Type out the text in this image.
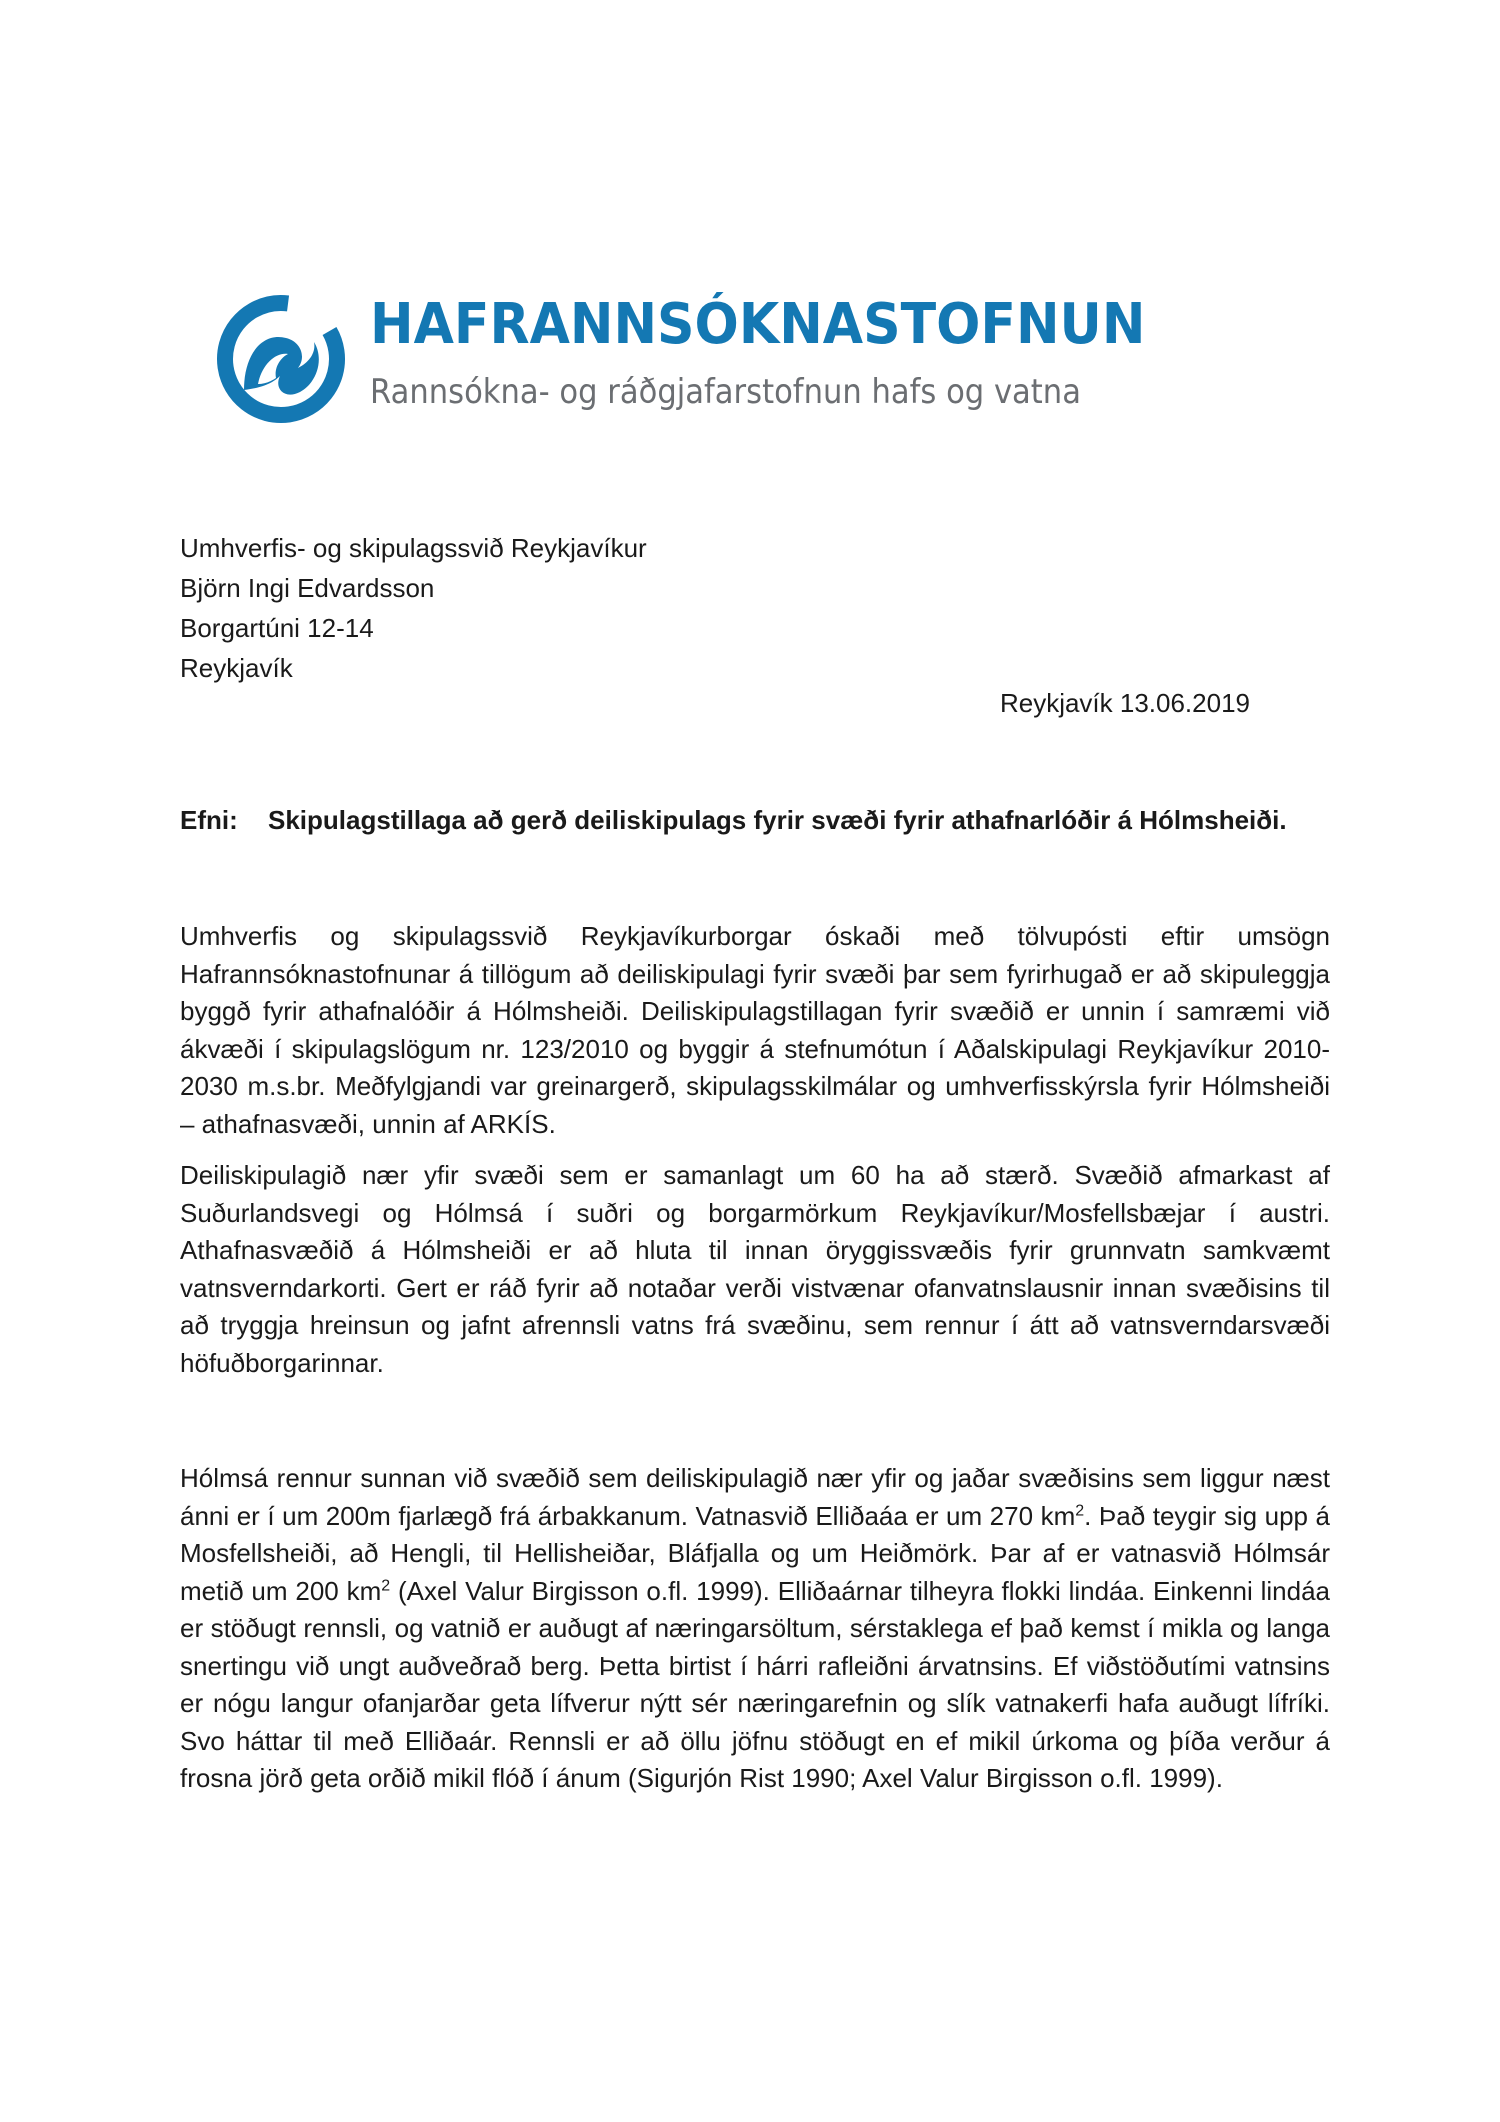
HAFRANNSÓKNASTOFNUN
Rannsókna- og ráðgjafarstofnun hafs og vatna
Umhverfis- og skipulagssvið Reykjavíkur
Björn Ingi Edvardsson
Borgartúni 12-14
Reykjavík
Reykjavík 13.06.2019
Efni: Skipulagstillaga að gerð deiliskipulags fyrir svæði fyrir athafnarlóðir á Hólmsheiði.
Umhverfis og skipulagssvið Reykjavíkurborgar óskaði með tölvupósti eftir umsögn Hafrannsóknastofnunar á tillögum að deiliskipulagi fyrir svæði þar sem fyrirhugað er að skipuleggja byggð fyrir athafnalóðir á Hólmsheiði. Deiliskipulagstillagan fyrir svæðið er unnin í samræmi við ákvæði í skipulagslögum nr. 123/2010 og byggir á stefnumótun í Aðalskipulagi Reykjavíkur 2010-2030 m.s.br. Meðfylgjandi var greinargerð, skipulagsskilmálar og umhverfisskýrsla fyrir Hólmsheiði – athafnasvæði, unnin af ARKÍS.
Deiliskipulagið nær yfir svæði sem er samanlagt um 60 ha að stærð. Svæðið afmarkast af Suðurlandsvegi og Hólmsá í suðri og borgarmörkum Reykjavíkur/Mosfellsbæjar í austri. Athafnasvæðið á Hólmsheiði er að hluta til innan öryggissvæðis fyrir grunnvatn samkvæmt vatnsverndarkorti. Gert er ráð fyrir að notaðar verði vistvænar ofanvatnslausnir innan svæðisins til að tryggja hreinsun og jafnt afrennsli vatns frá svæðinu, sem rennur í átt að vatnsverndarsvæði höfuðborgarinnar.
Hólmsá rennur sunnan við svæðið sem deiliskipulagið nær yfir og jaðar svæðisins sem liggur næst ánni er í um 200m fjarlægð frá árbakkanum. Vatnasvið Elliðaáa er um 270 $km^2$. Það teygir sig upp á Mosfellsheiði, að Hengli, til Hellisheiðar, Bláfjalla og um Heiðmörk. Þar af er vatnasvið Hólmsár metið um 200 $km^2$ (Axel Valur Birgisson o.fl. 1999). Elliðaárnar tilheyra flokki lindáa. Einkenni lindáa er stöðugt rennsli, og vatnið er auðugt af næringarsöltum, sérstaklega ef það kemst í mikla og langa snertingu við ungt auðveðrað berg. Þetta birtist í hárri rafleiðni árvatnsins. Ef viðstöðutími vatnsins er nógu langur ofanjarðar geta lífverur nýtt sér næringarefnin og slík vatnakerfi hafa auðugt lífríki. Svo háttar til með Elliðaár. Rennsli er að öllu jöfnu stöðugt en ef mikil úrkoma og þíða verður á frosna jörð geta orðið mikil flóð í ánum (Sigurjón Rist 1990; Axel Valur Birgisson o.fl. 1999).
